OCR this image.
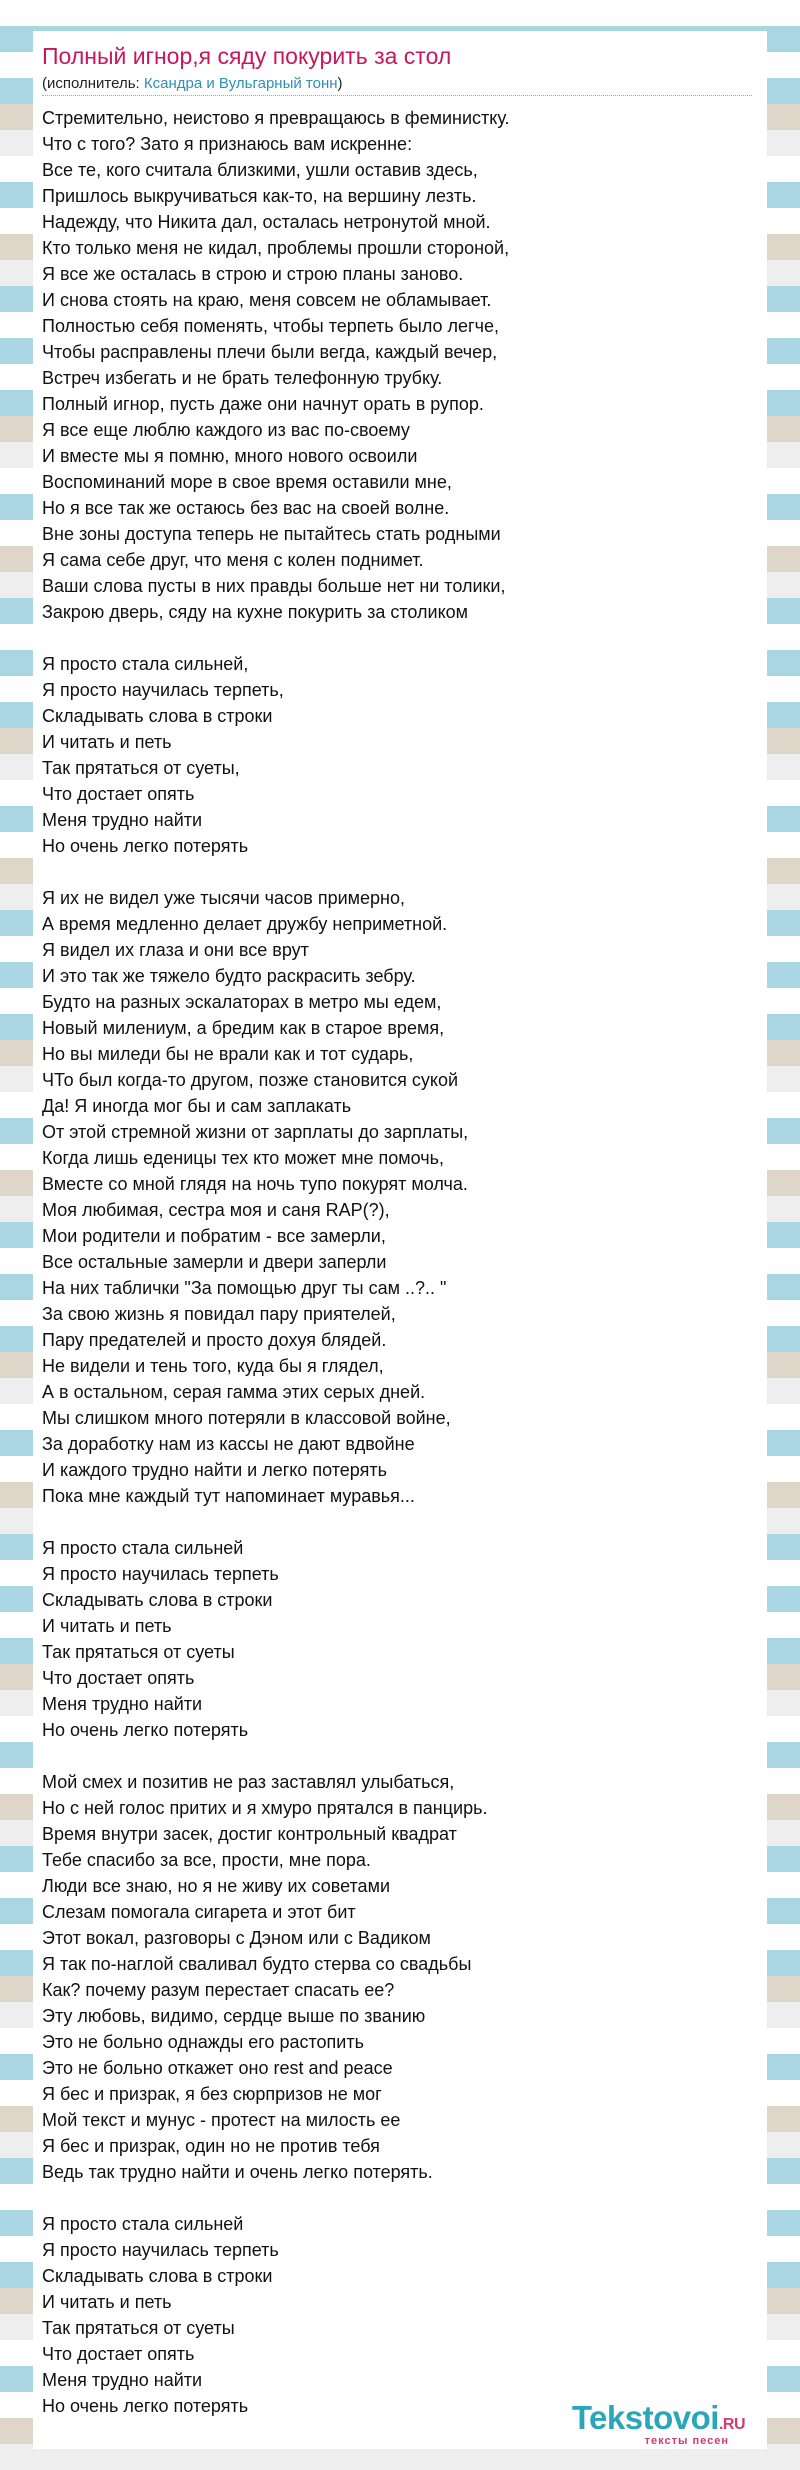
Полный игнор,я сяду покурить за стол
(исполнитель: Ксандра и Вульгарный тонн)
Стремительно, неистово я превращаюсь в феминистку.
Что с того? Зато я признаюсь вам искренне:
Все те, кого считала близкими, ушли оставив здесь,
Пришлось выкручиваться как-то, на вершину лезть.
Надежду, что Никита дал, осталась нетронутой мной.
Кто только меня не кидал, проблемы прошли стороной,
Я все же осталась в строю и строю планы заново.
И снова стоять на краю, меня совсем не обламывает.
Полностью себя поменять, чтобы терпеть было легче,
Чтобы расправлены плечи были вегда, каждый вечер,
Встреч избегать и не брать телефонную трубку.
Полный игнор, пусть даже они начнут орать в рупор.
Я все еще люблю каждого из вас по-своему
И вместе мы я помню, много нового освоили
Воспоминаний море в свое время оставили мне,
Но я все так же остаюсь без вас на своей волне.
Вне зоны доступа теперь не пытайтесь стать родными
Я сама себе друг, что меня с колен поднимет.
Ваши слова пусты в них правды больше нет ни толики,
Закрою дверь, сяду на кухне покурить за столиком
Я просто стала сильней,
Я просто научилась терпеть,
Складывать слова в строки
И читать и петь
Так прятаться от суеты,
Что достает опять
Меня трудно найти
Но очень легко потерять
Я их не видел уже тысячи часов примерно,
А время медленно делает дружбу неприметной.
Я видел их глаза и они все врут
И это так же тяжело будто раскрасить зебру.
Будто на разных эскалаторах в метро мы едем,
Новый милениум, а бредим как в старое время,
Но вы миледи бы не врали как и тот сударь,
ЧТо был когда-то другом, позже становится сукой
Да! Я иногда мог бы и сам заплакать
От этой стремной жизни от зарплаты до зарплаты,
Когда лишь еденицы тех кто может мне помочь,
Вместе со мной глядя на ночь тупо покурят молча.
Моя любимая, сестра моя и саня RAP(?),
Мои родители и побратим - все замерли,
Все остальные замерли и двери заперли
На них таблички "За помощью друг ты сам ..?.. "
За свою жизнь я повидал пару приятелей,
Пару предателей и просто дохуя блядей.
Не видели и тень того, куда бы я глядел,
А в остальном, серая гамма этих серых дней.
Мы слишком много потеряли в классовой войне,
За доработку нам из кассы не дают вдвойне
И каждого трудно найти и легко потерять
Пока мне каждый тут напоминает муравья...
Я просто стала сильней
Я просто научилась терпеть
Складывать слова в строки
И читать и петь
Так прятаться от суеты
Что достает опять
Меня трудно найти
Но очень легко потерять
Мой смех и позитив не раз заставлял улыбаться,
Но с ней голос притих и я хмуро прятался в панцирь.
Время внутри засек, достиг контрольный квадрат
Тебе спасибо за все, прости, мне пора.
Люди все знаю, но я не живу их советами
Слезам помогала сигарета и этот бит
Этот вокал, разговоры с Дэном или с Вадиком
Я так по-наглой сваливал будто стерва со свадьбы
Как? почему разум перестает спасать ее?
Эту любовь, видимо, сердце выше по званию
Это не больно однажды его растопить
Это не больно откажет оно rest and peace
Я бес и призрак, я без сюрпризов не мог
Мой текст и мунус - протест на милость ее
Я бес и призрак, один но не против тебя
Ведь так трудно найти и очень легко потерять.
Я просто стала сильней
Я просто научилась терпеть
Складывать слова в строки
И читать и петь
Так прятаться от суеты
Что достает опять
Меня трудно найти
Но очень легко потерять	Tekstovoi.RU
тексты песен
